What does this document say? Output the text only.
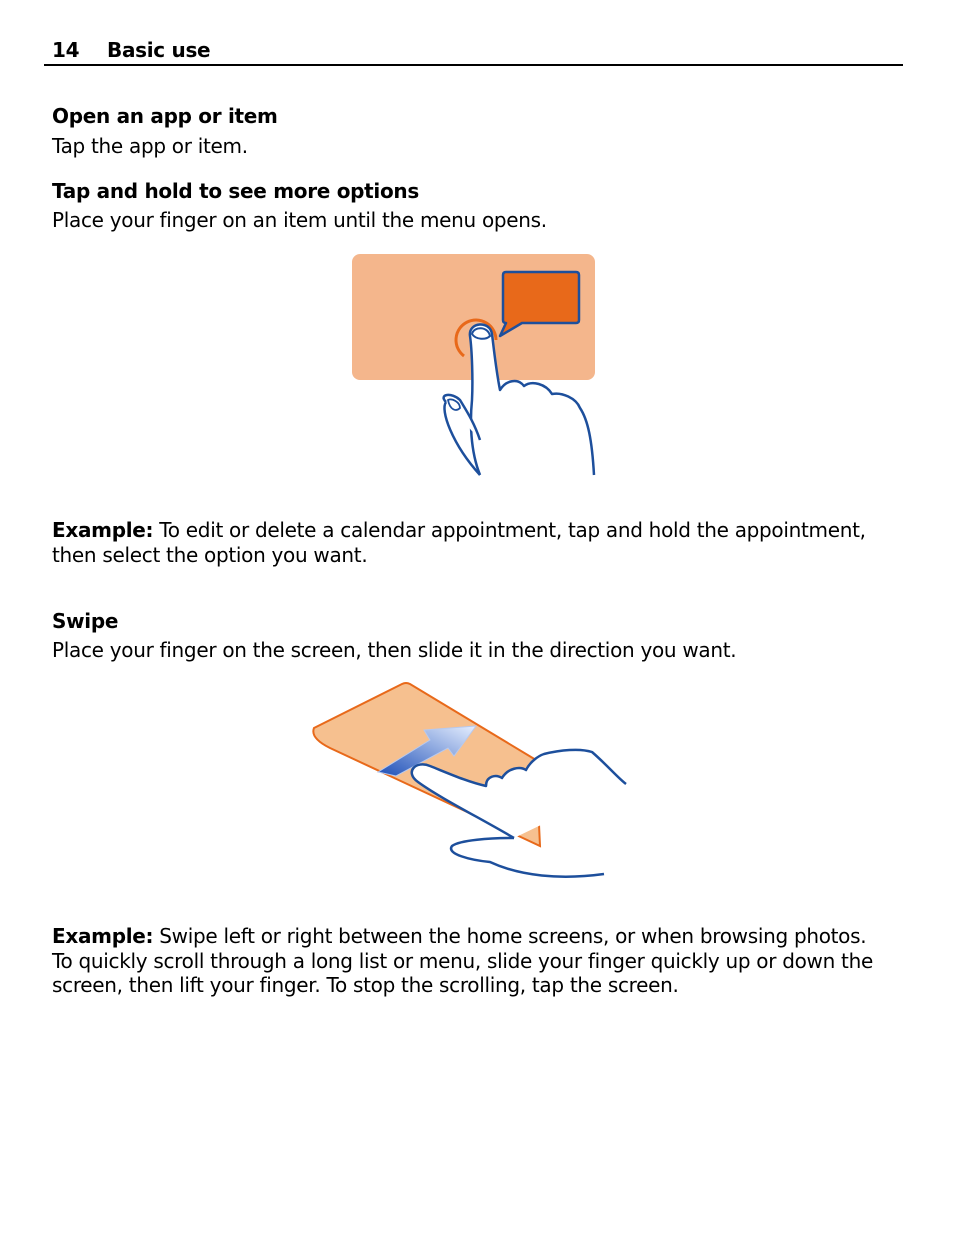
14 Basic use
Open an app or item
Tap the app or item.
Tap and hold to see more options
Place your finger on an item until the menu opens.
Example: To edit or delete a calendar appointment, tap and hold the appointment,
then select the option you want.
Swipe
Place your finger on the screen, then slide it in the direction you want.
Example: Swipe left or right between the home screens, or when browsing photos.
To quickly scroll through a long list or menu, slide your finger quickly up or down the
screen, then lift your finger. To stop the scrolling, tap the screen.
